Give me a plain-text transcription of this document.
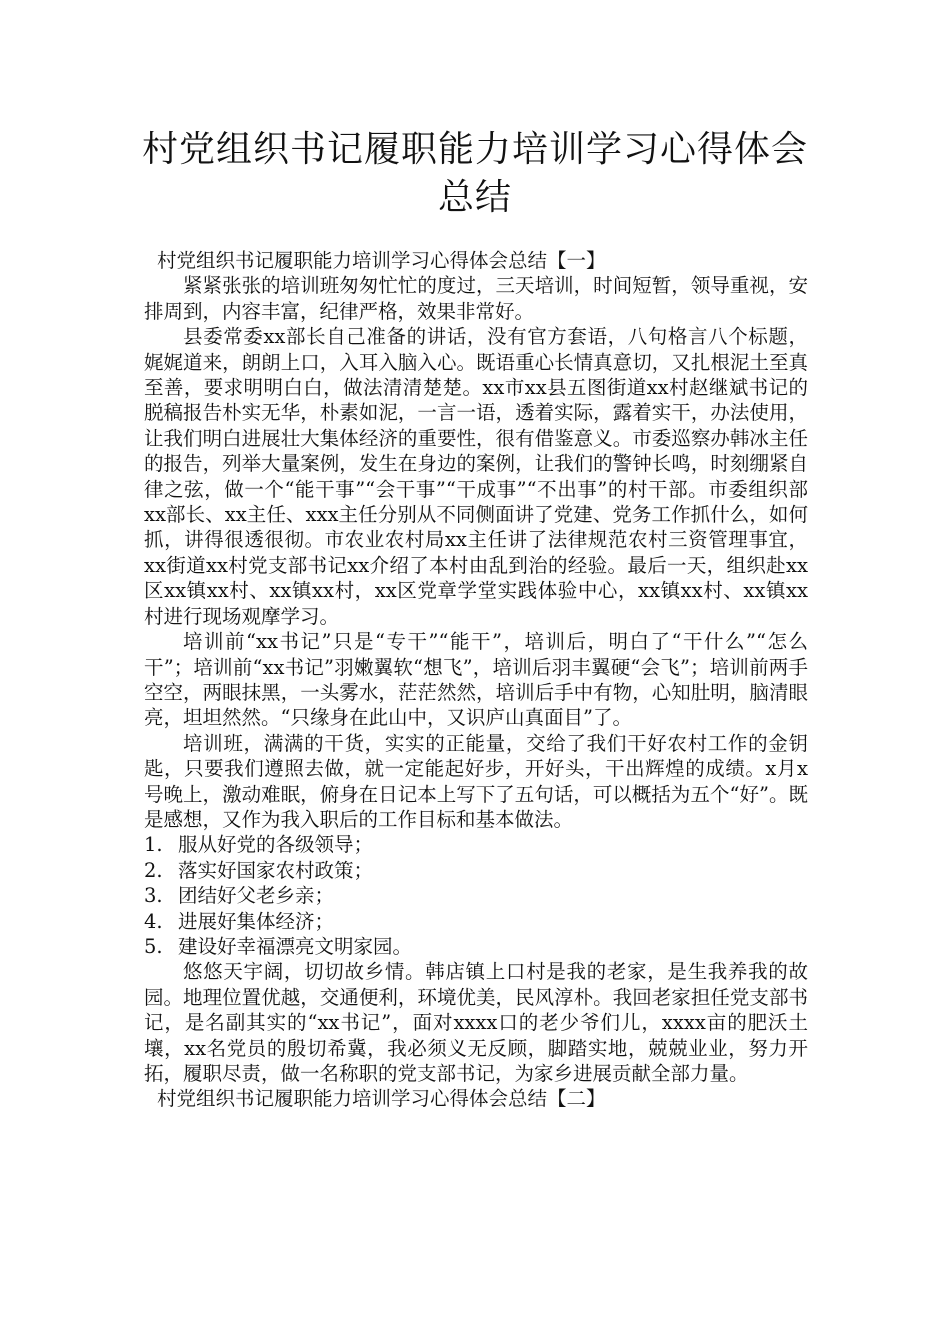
村党组织书记履职能力培训学习心得体会
总结

村党组织书记履职能力培训学习心得体会总结【一】

紧紧张张的培训班匆匆忙忙的度过，三天培训，时间短暂，领导重视，安排周到，内容丰富，纪律严格，效果非常好。

县委常委xx部长自己准备的讲话，没有官方套语，八句格言八个标题，娓娓道来，朗朗上口，入耳入脑入心。既语重心长情真意切，又扎根泥土至真至善，要求明明白白，做法清清楚楚。xx市xx县五图街道xx村赵继斌书记的脱稿报告朴实无华，朴素如泥，一言一语，透着实际，露着实干，办法使用，让我们明白进展壮大集体经济的重要性，很有借鉴意义。市委巡察办韩冰主任的报告，列举大量案例，发生在身边的案例，让我们的警钟长鸣，时刻绷紧自律之弦，做一个“能干事”“会干事”“干成事”“不出事”的村干部。市委组织部xx部长、xx主任、xxx主任分别从不同侧面讲了党建、党务工作抓什么，如何抓，讲得很透很彻。市农业农村局xx主任讲了法律规范农村三资管理事宜，xx街道xx村党支部书记xx介绍了本村由乱到治的经验。最后一天，组织赴xx区xx镇xx村、xx镇xx村，xx区党章学堂实践体验中心，xx镇xx村、xx镇xx村进行现场观摩学习。

培训前“xx书记”只是“专干”“能干”，培训后，明白了“干什么”“怎么干”；培训前“xx书记”羽嫩翼软“想飞”，培训后羽丰翼硬“会飞”；培训前两手空空，两眼抹黑，一头雾水，茫茫然然，培训后手中有物，心知肚明，脑清眼亮，坦坦然然。“只缘身在此山中，又识庐山真面目”了。

培训班，满满的干货，实实的正能量，交给了我们干好农村工作的金钥匙，只要我们遵照去做，就一定能起好步，开好头，干出辉煌的成绩。x月x号晚上，激动难眠，俯身在日记本上写下了五句话，可以概括为五个“好”。既是感想，又作为我入职后的工作目标和基本做法。

1. 服从好党的各级领导；

2. 落实好国家农村政策；

3. 团结好父老乡亲；

4. 进展好集体经济；

5. 建设好幸福漂亮文明家园。

悠悠天宇阔，切切故乡情。韩店镇上口村是我的老家，是生我养我的故园。地理位置优越，交通便利，环境优美，民风淳朴。我回老家担任党支部书记，是名副其实的“xx书记”，面对xxxx口的老少爷们儿，xxxx亩的肥沃土壤，xx名党员的殷切希冀，我必须义无反顾，脚踏实地，兢兢业业，努力开拓，履职尽责，做一名称职的党支部书记，为家乡进展贡献全部力量。

村党组织书记履职能力培训学习心得体会总结【二】
